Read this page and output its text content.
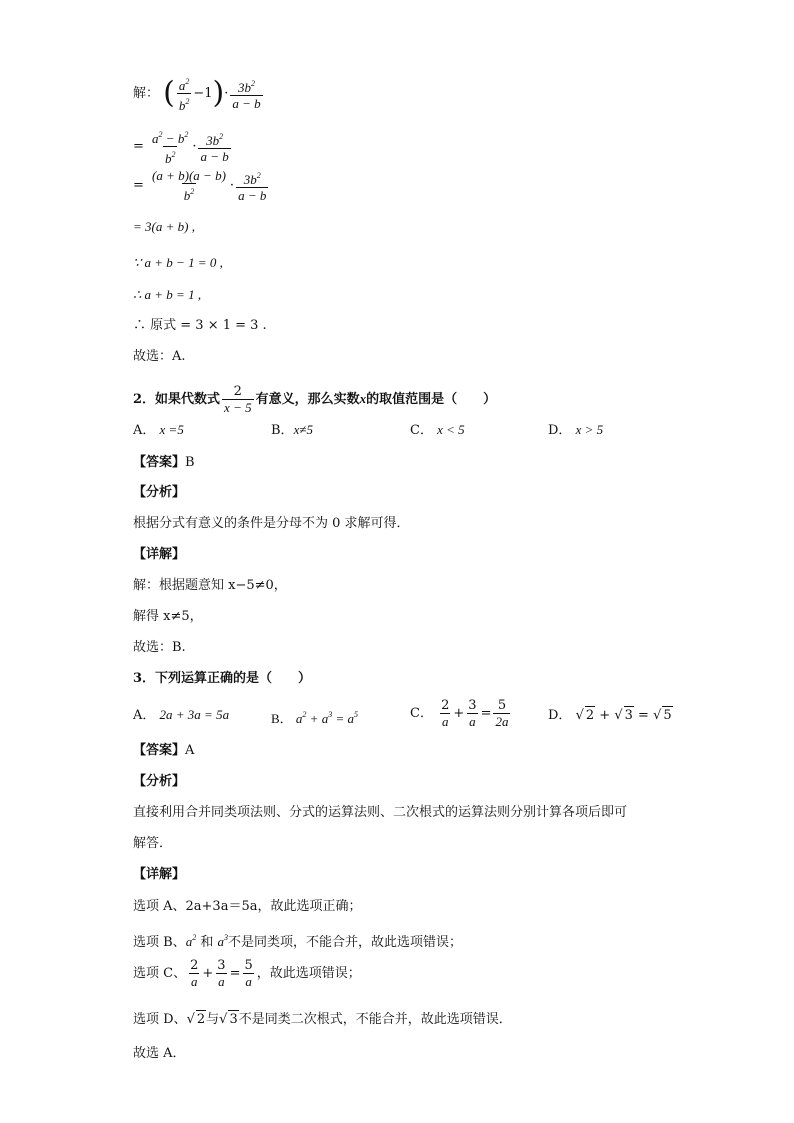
解： ( $\frac{a^2}{b^2} -1)\cdot \frac{3b^2}{a - b}$
= $\frac{a^2 - b^2}{b^2} \cdot \frac{3b^2}{a - b}$
= $\frac{(a + b)(a - b)}{b^2} \cdot \frac{3b^2}{a - b}$
= 3(a + b) ,
∵ a + b − 1 = 0 ,
∴ a + b = 1 ,
∴ 原式 = 3 × 1 = 3 .
故选：A.
2．如果代数式 $\frac{2}{x - 5}$ 有意义，那么实数x的取值范围是（　　）
A． x =5	B．x≠5	C． x < 5	D． x > 5
【答案】B
【分析】
根据分式有意义的条件是分母不为 0 求解可得．
【详解】
解：根据题意知 x−5≠0，
解得 x≠5，
故选：B.
3．下列运算正确的是（　　）
A． 2a + 3a = 5a	B． $a^2 + a^3 = a^5$	C． $\frac{2}{a} + \frac{3}{a} = \frac{5}{2a}$	D． √ 2 + √ 3 = √ 5
【答案】A
【分析】
直接利用合并同类项法则、分式的运算法则、二次根式的运算法则分别计算各项后即可
解答．
【详解】
选项 A、2a+3a＝5a，故此选项正确；
选项 B、$a^2$ 和 $a^3$不是同类项，不能合并，故此选项错误；
选项 C、 $\frac{2}{a} + \frac{3}{a} = \frac{5}{a}$ ，故此选项错误；
选项 D、√ 2与√ 3不是同类二次根式，不能合并，故此选项错误．
故选 A．
